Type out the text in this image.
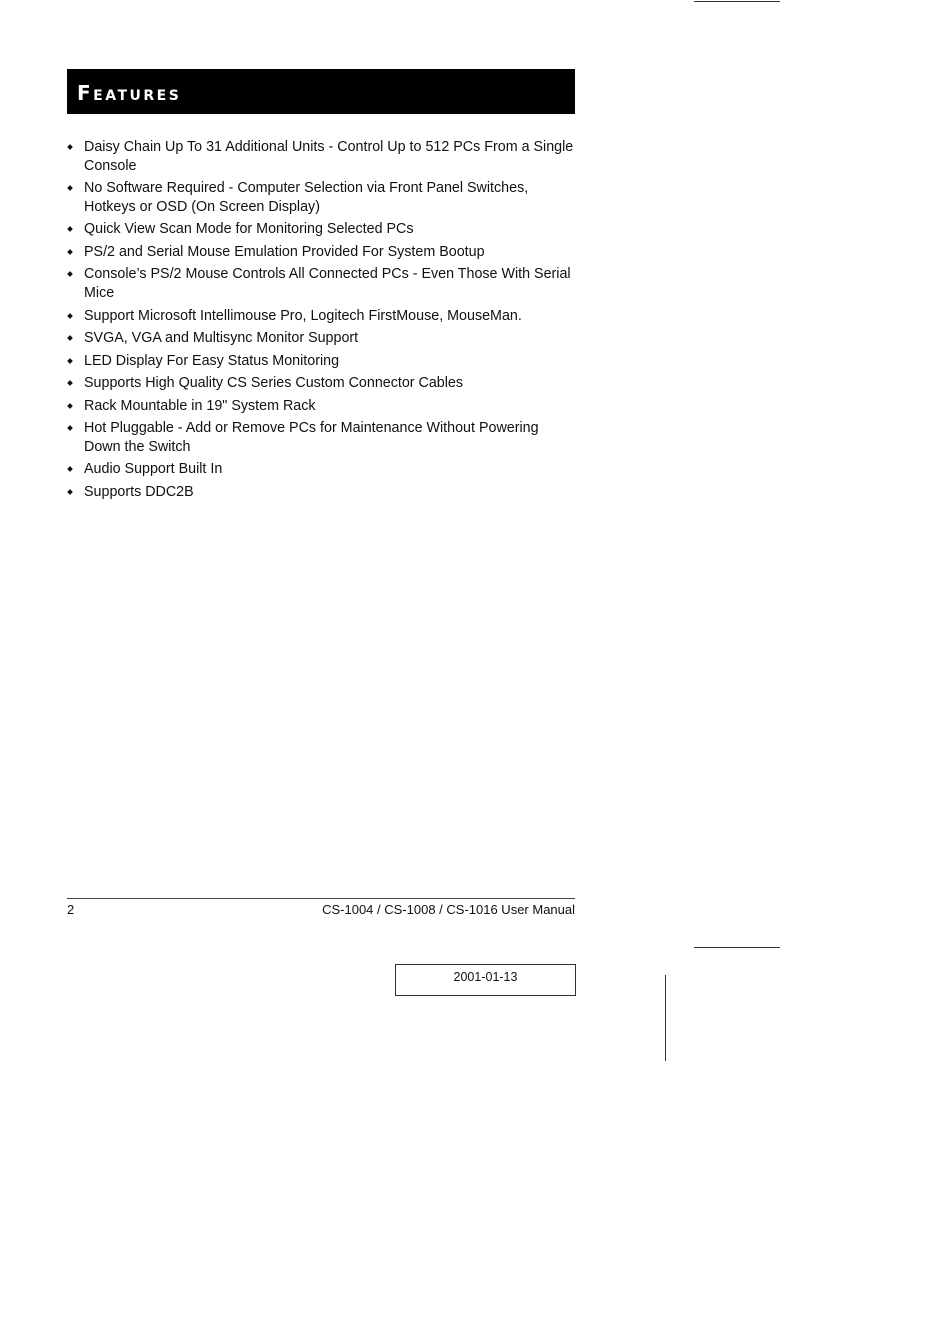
Features
Daisy Chain Up To 31 Additional Units - Control Up to 512 PCs From a Single Console
No Software Required - Computer Selection via Front Panel Switches, Hotkeys or OSD (On Screen Display)
Quick View Scan Mode for Monitoring Selected PCs
PS/2 and Serial Mouse Emulation Provided For System Bootup
Console’s PS/2 Mouse Controls All Connected PCs - Even Those With Serial Mice
Support Microsoft Intellimouse Pro, Logitech FirstMouse, MouseMan.
SVGA, VGA and Multisync Monitor Support
LED Display For Easy Status Monitoring
Supports High Quality CS Series Custom Connector Cables
Rack Mountable in 19" System Rack
Hot Pluggable - Add or Remove PCs for Maintenance Without Powering Down the Switch
Audio Support Built In
Supports DDC2B
2	CS-1004 / CS-1008 / CS-1016 User Manual
2001-01-13
